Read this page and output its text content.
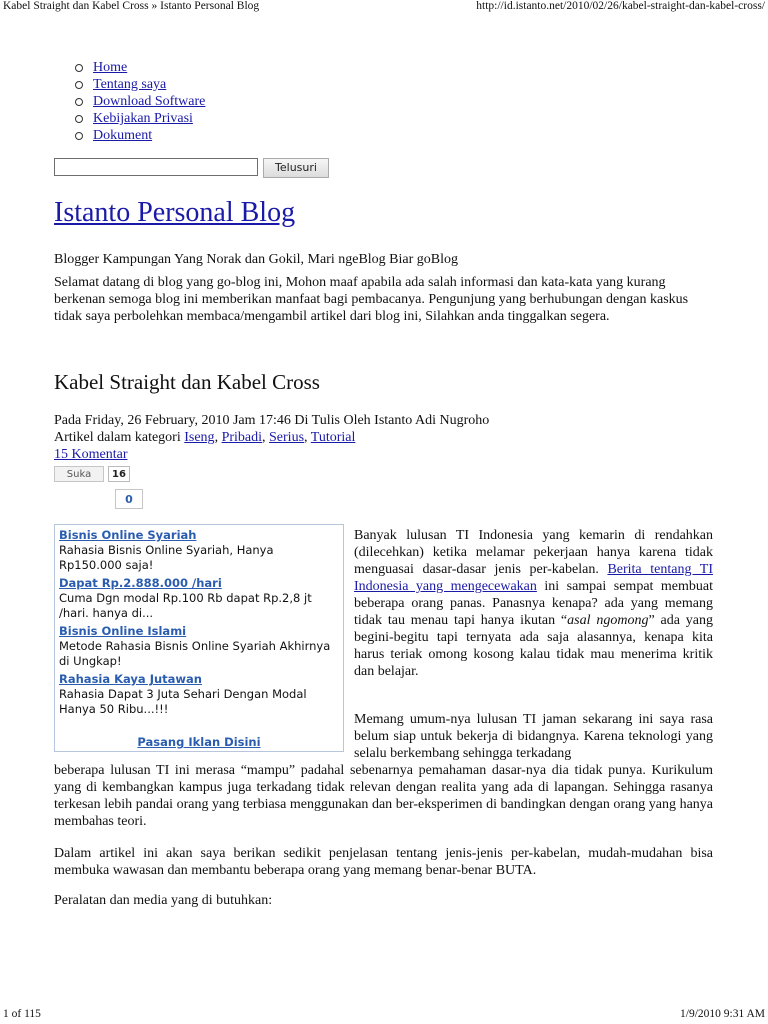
Kabel Straight dan Kabel Cross » Istanto Personal Blog	http://id.istanto.net/2010/02/26/kabel-straight-dan-kabel-cross/
Home
Tentang saya
Download Software
Kebijakan Privasi
Dokument
Telusuri
Istanto Personal Blog
Blogger Kampungan Yang Norak dan Gokil, Mari ngeBlog Biar goBlog
Selamat datang di blog yang go-blog ini, Mohon maaf apabila ada salah informasi dan kata-kata yang kurang berkenan semoga blog ini memberikan manfaat bagi pembacanya. Pengunjung yang berhubungan dengan kaskus tidak saya perbolehkan membaca/mengambil artikel dari blog ini, Silahkan anda tinggalkan segera.
Kabel Straight dan Kabel Cross
Pada Friday, 26 February, 2010 Jam 17:46 Di Tulis Oleh Istanto Adi Nugroho
Artikel dalam kategori Iseng, Pribadi, Serius, Tutorial
15 Komentar
Suka	16
0
Bisnis Online Syariah
Rahasia Bisnis Online Syariah, Hanya Rp150.000 saja!
Dapat Rp.2.888.000 /hari
Cuma Dgn modal Rp.100 Rb dapat Rp.2,8 jt /hari. hanya di...
Bisnis Online Islami
Metode Rahasia Bisnis Online Syariah Akhirnya di Ungkap!
Rahasia Kaya Jutawan
Rahasia Dapat 3 Juta Sehari Dengan Modal Hanya 50 Ribu...!!!
Pasang Iklan Disini
Banyak lulusan TI Indonesia yang kemarin di rendahkan (dilecehkan) ketika melamar pekerjaan hanya karena tidak menguasai dasar-dasar jenis per-kabelan. Berita tentang TI Indonesia yang mengecewakan ini sampai sempat membuat beberapa orang panas. Panasnya kenapa? ada yang memang tidak tau menau tapi hanya ikutan “asal ngomong” ada yang begini-begitu tapi ternyata ada saja alasannya, kenapa kita harus teriak omong kosong kalau tidak mau menerima kritik dan belajar.
Memang umum-nya lulusan TI jaman sekarang ini saya rasa belum siap untuk bekerja di bidangnya. Karena teknologi yang selalu berkembang sehingga terkadang
beberapa lulusan TI ini merasa “mampu” padahal sebenarnya pemahaman dasar-nya dia tidak punya. Kurikulum yang di kembangkan kampus juga terkadang tidak relevan dengan realita yang ada di lapangan. Sehingga rasanya terkesan lebih pandai orang yang terbiasa menggunakan dan ber-eksperimen di bandingkan dengan orang yang hanya membahas teori.
Dalam artikel ini akan saya berikan sedikit penjelasan tentang jenis-jenis per-kabelan, mudah-mudahan bisa membuka wawasan dan membantu beberapa orang yang memang benar-benar BUTA.
Peralatan dan media yang di butuhkan:
1 of 115	1/9/2010 9:31 AM
